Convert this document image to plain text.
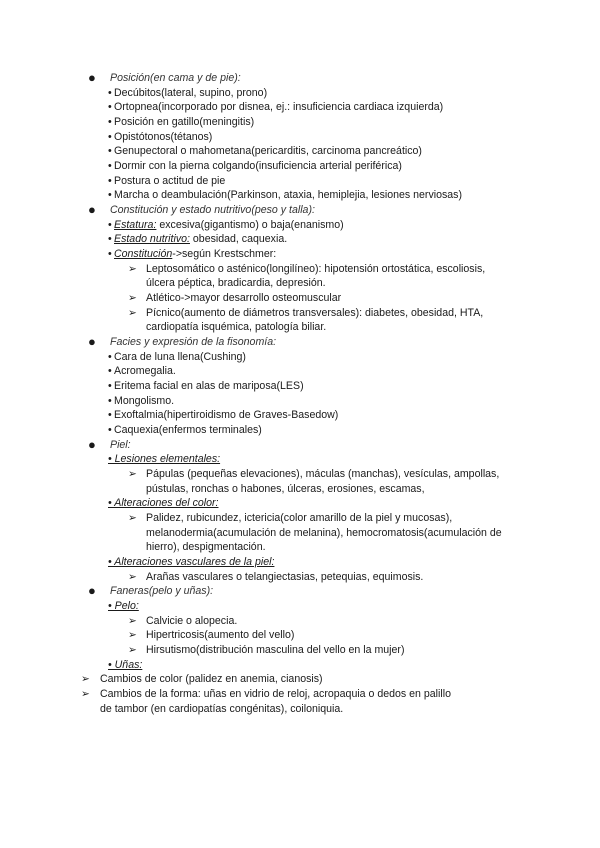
● Posición(en cama y de pie):
• Decúbitos(lateral, supino, prono)
• Ortopnea(incorporado por disnea, ej.: insuficiencia cardiaca izquierda)
• Posición en gatillo(meningitis)
• Opistótonos(tétanos)
• Genupectoral o mahometana(pericarditis, carcinoma pancreático)
• Dormir con la pierna colgando(insuficiencia arterial periférica)
• Postura o actitud de pie
• Marcha o deambulación(Parkinson, ataxia, hemiplejia, lesiones nerviosas)
● Constitución y estado nutritivo(peso y talla):
• Estatura: excesiva(gigantismo) o baja(enanismo)
• Estado nutritivo: obesidad, caquexia.
• Constitución->según Krestschmer:
➢ Leptosomático o asténico(longilíneo): hipotensión ortostática, escoliosis,
úlcera péptica, bradicardia, depresión.
➢ Atlético->mayor desarrollo osteomuscular
➢ Pícnico(aumento de diámetros transversales): diabetes, obesidad, HTA,
cardiopatía isquémica, patología biliar.
● Facies y expresión de la fisonomía:
• Cara de luna llena(Cushing)
• Acromegalia.
• Eritema facial en alas de mariposa(LES)
• Mongolismo.
• Exoftalmia(hipertiroidismo de Graves-Basedow)
• Caquexia(enfermos terminales)
● Piel:
• Lesiones elementales:
➢ Pápulas (pequeñas elevaciones), máculas (manchas), vesículas, ampollas,
pústulas, ronchas o habones, úlceras, erosiones, escamas,
• Alteraciones del color:
➢ Palidez, rubicundez, ictericia(color amarillo de la piel y mucosas),
melanodermia(acumulación de melanina), hemocromatosis(acumulación de
hierro), despigmentación.
• Alteraciones vasculares de la piel:
➢ Arañas vasculares o telangiectasias, petequias, equimosis.
● Faneras(pelo y uñas):
• Pelo:
➢ Calvicie o alopecia.
➢ Hipertricosis(aumento del vello)
➢ Hirsutismo(distribución masculina del vello en la mujer)
• Uñas:
➢ Cambios de color (palidez en anemia, cianosis)
➢ Cambios de la forma: uñas en vidrio de reloj, acropaquia o dedos en palillo
de tambor (en cardiopatías congénitas), coiloniquia.
